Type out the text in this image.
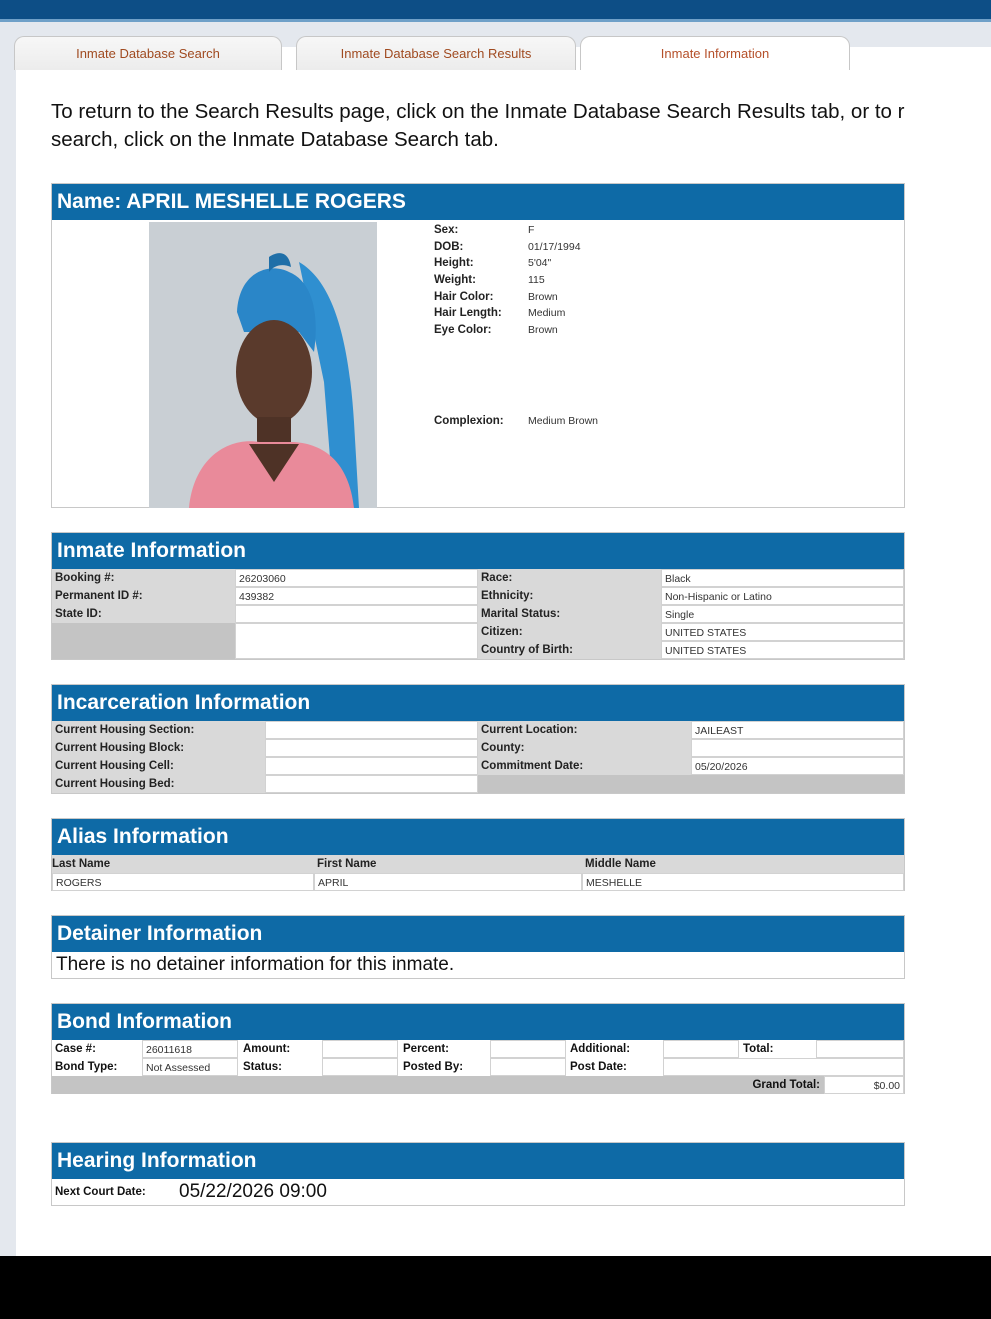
Inmate Database Search	Inmate Database Search Results	Inmate Information
To return to the Search Results page, click on the Inmate Database Search Results tab, or to r
search, click on the Inmate Database Search tab.
Name: APRIL MESHELLE ROGERS
Sex:	F
DOB:	01/17/1994
Height:	5'04"
Weight:	115
Hair Color:	Brown
Hair Length:	Medium
Eye Color:	Brown
Complexion:	Medium Brown
Inmate Information
Booking #:	26203060
Permanent ID #:	439382
State ID:
Race:	Black
Ethnicity:	Non-Hispanic or Latino
Marital Status:	Single
Citizen:	UNITED STATES
Country of Birth:	UNITED STATES
Incarceration Information
Current Housing Section:
Current Housing Block:
Current Housing Cell:
Current Housing Bed:
Current Location:	JAILEAST
County:
Commitment Date:	05/20/2026
Alias Information
Last Name	First Name	Middle Name
ROGERS	APRIL	MESHELLE
Detainer Information
There is no detainer information for this inmate.
Bond Information
Case #:	26011618	Amount:	Percent:	Additional:	Total:
Bond Type:	Not Assessed	Status:	Posted By:	Post Date:
Grand Total:	$0.00
Hearing Information
Next Court Date:	05/22/2026 09:00
